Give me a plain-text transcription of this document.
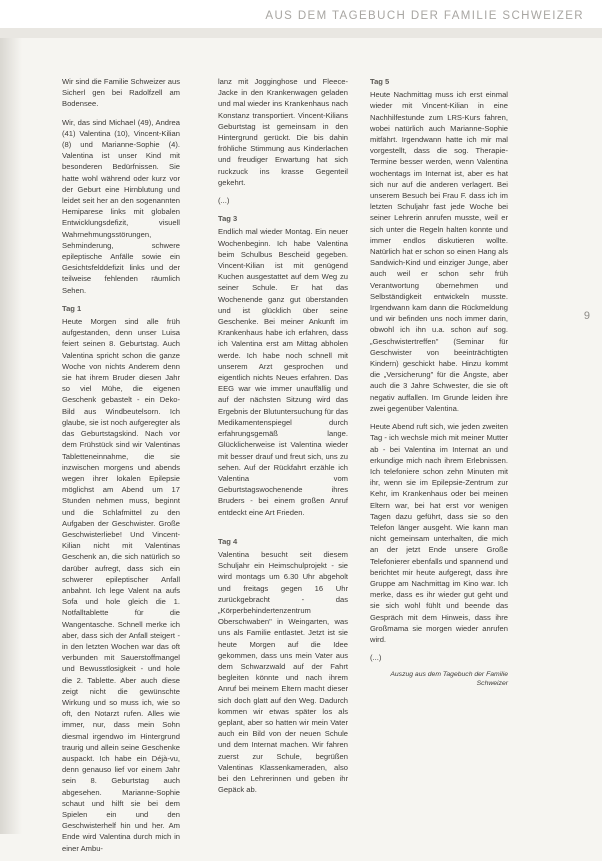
AUS DEM TAGEBUCH DER FAMILIE SCHWEIZER

Wir sind die Familie Schweizer aus Sicherl gen bei Radolfzell am Bodensee.

Wir, das sind Michael (49), Andrea (41) Valentina (10), Vincent-Kilian (8) und Marianne-Sophie (4). Valentina ist unser Kind mit besonderen Bedürfnissen. Sie hatte wohl während oder kurz vor der Geburt eine Hirnblutung und leidet seit her an den sogenannten Hemiparese links mit globalen Entwicklungsdefizit, visuell Wahrnehmungsstörungen, Sehminderung, schwere epileptische Anfälle sowie ein Gesichtsfelddefizit links und der teilweise fehlenden räumlich Sehen.

Tag 1

Heute Morgen sind alle früh aufgestanden, denn unser Luisa feiert seinen 8. Geburtstag. Auch Valentina spricht schon die ganze Woche von nichts Anderem denn sie hat ihrem Bruder diesen Jahr so viel Mühe, die eigenen Geschenk gebastelt - ein Deko-Bild aus Windbeutelsorn. Ich glaube, sie ist noch aufgeregter als das Geburtstagskind. Nach vor dem Frühstück sind wir Valentinas Tabletteneinnahme, die sie inzwischen morgens und abends wegen ihrer lokalen Epilepsie möglichst am Abend um 17 Stunden nehmen muss, beginnt und die Schlafmittel zu den Aufgaben der Geschwister. Große Geschwisterliebe! Und Vincent-Kilian nicht mit Valentinas Geschenk an, die sich natürlich so darüber aufregt, dass sich ein schwerer epileptischer Anfall anbahnt. Ich lege Valent na aufs Sofa und hole gleich die 1. Notfalltablette für die Wangentasche. Schnell merke ich aber, dass sich der Anfall steigert - in den letzten Wochen war das oft verbunden mit Sauerstoffmangel und Bewusstlosigkeit - und hole die 2. Tablette. Aber auch diese zeigt nicht die gewünschte Wirkung und so muss ich, wie so oft, den Notarzt rufen. Alles wie immer, nur, dass mein Sohn diesmal irgendwo im Hintergrund traurig und allein seine Geschenke auspackt. Ich habe ein Déjà-vu, denn genauso lief vor einem Jahr sein 8. Geburtstag auch abgesehen. Marianne-Sophie schaut und hilft sie bei dem Spielen ein und den Geschwisterhelf hin und her. Am Ende wird Valentina durch mich in einer Ambu-

lanz mit Jogginghose und Fleece-Jacke in den Krankenwagen geladen und mal wieder ins Krankenhaus nach Konstanz transportiert. Vincent-Kilians Geburtstag ist gemeinsam in den Hintergrund gerückt. Die bis dahin fröhliche Stimmung aus Kinderlachen und freudiger Erwartung hat sich ruckzuck ins krasse Gegenteil gekehrt.

(...)

Tag 3

Endlich mal wieder Montag. Ein neuer Wochenbeginn. Ich habe Valentina beim Schulbus Bescheid gegeben. Vincent-Kilian ist mit genügend Kuchen ausgestattet auf dem Weg zu seiner Schule. Er hat das Wochenende ganz gut überstanden und ist glücklich über seine Geschenke. Bei meiner Ankunft im Krankenhaus habe ich erfahren, dass ich Valentina erst am Mittag abholen werde. Ich habe noch schnell mit unserem Arzt gesprochen und eigentlich nichts Neues erfahren. Das EEG war wie immer unauffällig und auf der nächsten Sitzung wird das Ergebnis der Blutuntersuchung für das Medikamentenspiegel durch erfahrungsgemäß lange. Glücklicherweise ist Valentina wieder mit besser drauf und freut sich, uns zu sehen. Auf der Rückfahrt erzähle ich Valentina vom Geburtstagswochenende ihres Bruders - bei einem großen Anruf entdeckt eine Art Frieden.

Tag 4

Valentina besucht seit diesem Schuljahr ein Heimschulprojekt - sie wird montags um 6.30 Uhr abgeholt und freitags gegen 16 Uhr zurückgebracht - das „Körperbehindertenzentrum Oberschwaben" in Weingarten, was uns als Familie entlastet. Jetzt ist sie heute Morgen auf die Idee gekommen, dass uns mein Vater aus dem Schwarzwald auf der Fahrt begleiten könnte und nach ihrem Anruf bei meinem Eltern macht dieser sich doch glatt auf den Weg. Dadurch kommen wir etwas später los als geplant, aber so hatten wir mein Vater auch ein Bild von der neuen Schule und dem Internat machen. Wir fahren zuerst zur Schule, begrüßen Valentinas Klassenkameraden, also bei den Lehrerinnen und geben ihr Gepäck ab.

Tag 5

Heute Nachmittag muss ich erst einmal wieder mit Vincent-Kilian in eine Nachhilfestunde zum LRS-Kurs fahren, wobei natürlich auch Marianne-Sophie mitfährt. Irgendwann hatte ich mir mal vorgestellt, dass die sog. Therapie-Termine besser werden, wenn Valentina wochentags im Internat ist, aber es hat sich nur auf die anderen verlagert. Bei unserem Besuch bei Frau F. dass ich im letzten Schuljahr fast jede Woche bei seiner Lehrerin anrufen musste, weil er sich unter die Regeln halten konnte und immer endlos diskutieren wollte. Natürlich hat er schon so einen Hang als Sandwich-Kind und einziger Junge, aber auch weil er schon sehr früh Verantwortung übernehmen und Selbständigkeit entwickeln musste. Irgendwann kam dann die Rückmeldung und wir befinden uns noch immer darin, obwohl ich ihn u.a. schon auf sog. „Geschwistertreffen" (Seminar für Geschwister von beeinträchtigten Kindern) geschickt habe. Hinzu kommt die „Versicherung" für die Ängste, aber auch die 3 Jahre Schwester, die sie oft negativ auffallen. Im Grunde leiden ihre zwei gegenüber Valentina.

Heute Abend ruft sich, wie jeden zweiten Tag - ich wechsle mich mit meiner Mutter ab - bei Valentina im Internat an und erkundige mich nach ihrem Erlebnissen. Ich telefoniere schon zehn Minuten mit ihr, wenn sie im Epilepsie-Zentrum zur Kehr, im Krankenhaus oder bei meinen Eltern war, bei hat erst vor wenigen Tagen dazu geführt, dass sie so den Telefon länger ausgeht. Wie kann man nicht gemeinsam unterhalten, die mich an der jetzt Ende unsere Große Telefonierer ebenfalls und spannend und berichtet mir heute aufgeregt, dass ihre Gruppe am Nachmittag im Kino war. Ich merke, dass es ihr wieder gut geht und sie sich wohl fühlt und beende das Gespräch mit dem Hinweis, dass ihre Großmama sie morgen wieder anrufen wird.

(...)

Auszug aus dem Tagebuch der Familie Schweizer
9
